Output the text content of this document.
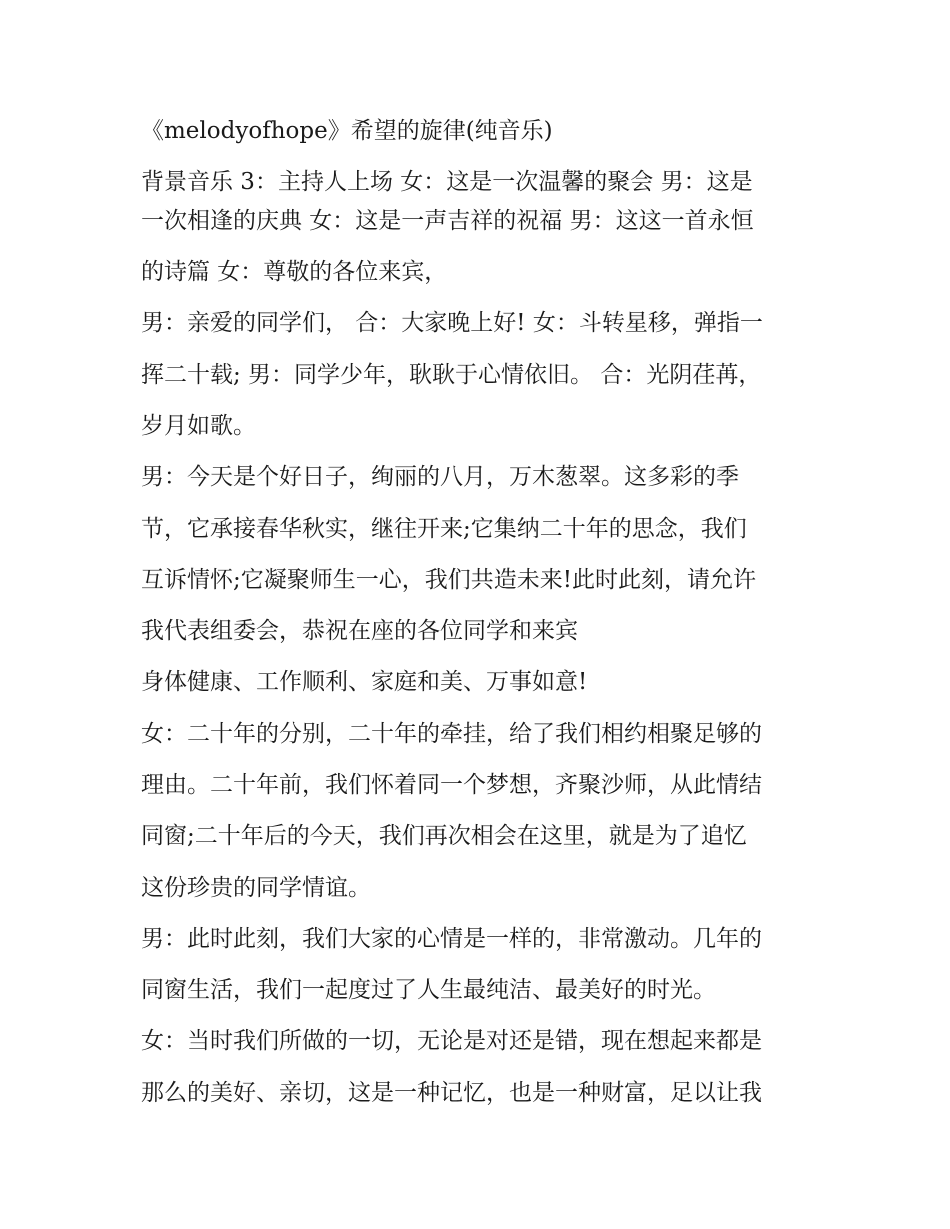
《melodyofhope》希望的旋律(纯音乐)
背景音乐 3：主持人上场 女：这是一次温馨的聚会 男：这是
一次相逢的庆典 女：这是一声吉祥的祝福 男：这这一首永恒
的诗篇 女：尊敬的各位来宾，
男：亲爱的同学们， 合：大家晚上好! 女：斗转星移，弹指一
挥二十载; 男：同学少年，耿耿于心情依旧。 合：光阴荏苒，
岁月如歌。
男：今天是个好日子，绚丽的八月，万木葱翠。这多彩的季
节，它承接春华秋实，继往开来;它集纳二十年的思念，我们
互诉情怀;它凝聚师生一心，我们共造未来!此时此刻，请允许
我代表组委会，恭祝在座的各位同学和来宾
身体健康、工作顺利、家庭和美、万事如意!
女：二十年的分别，二十年的牵挂，给了我们相约相聚足够的
理由。二十年前，我们怀着同一个梦想，齐聚沙师，从此情结
同窗;二十年后的今天，我们再次相会在这里，就是为了追忆
这份珍贵的同学情谊。
男：此时此刻，我们大家的心情是一样的，非常激动。几年的
同窗生活，我们一起度过了人生最纯洁、最美好的时光。
女：当时我们所做的一切，无论是对还是错，现在想起来都是
那么的美好、亲切，这是一种记忆，也是一种财富，足以让我
